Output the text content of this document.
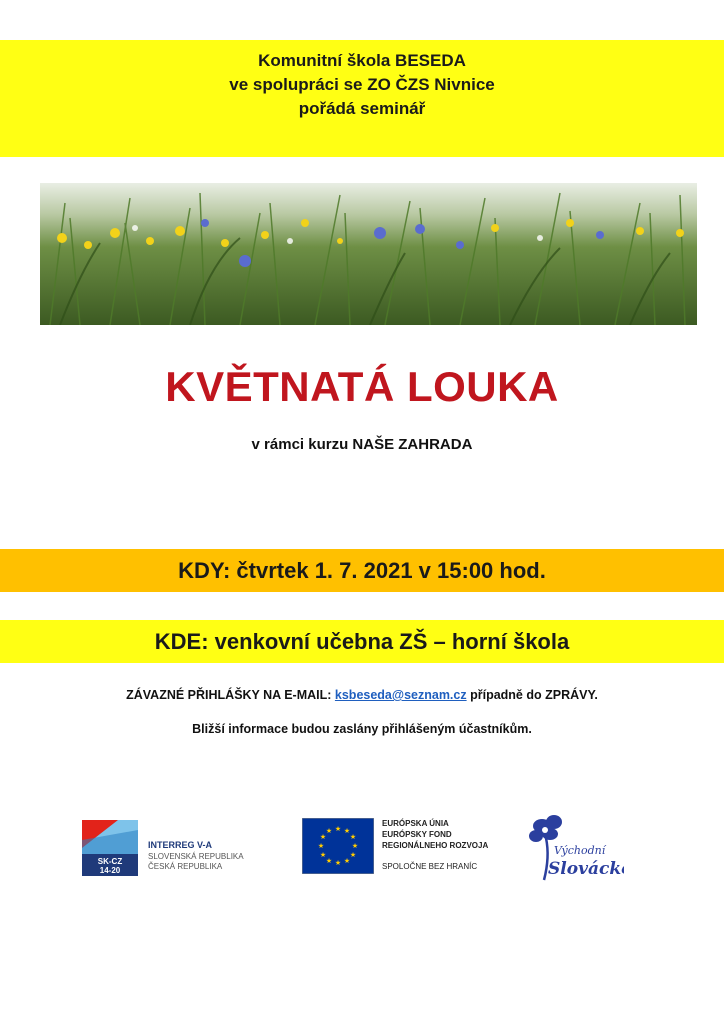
Komunitní škola BESEDA
ve spolupráci se ZO ČZS Nivnice
pořádá seminář
KVĚTNATÁ LOUKA
v rámci kurzu NAŠE ZAHRADA
KDY: čtvrtek 1. 7. 2021 v 15:00 hod.
KDE: venkovní učebna ZŠ – horní škola
ZÁVAZNÉ PŘIHLÁŠKY NA E-MAIL: ksbeseda@seznam.cz případně do ZPRÁVY.
Bližší informace budou zaslány přihlášeným účastníkům.
SK-CZ
14-20
INTERREG V-A
SLOVENSKÁ REPUBLIKA
ČESKÁ REPUBLIKA
★ ★
★
★
★
★
★
★
★
★
★
★
EURÓPSKA ÚNIA
EURÓPSKY FOND
REGIONÁLNEHO ROZVOJA
SPOLOČNE BEZ HRANÍC
Východní
Slovácko
